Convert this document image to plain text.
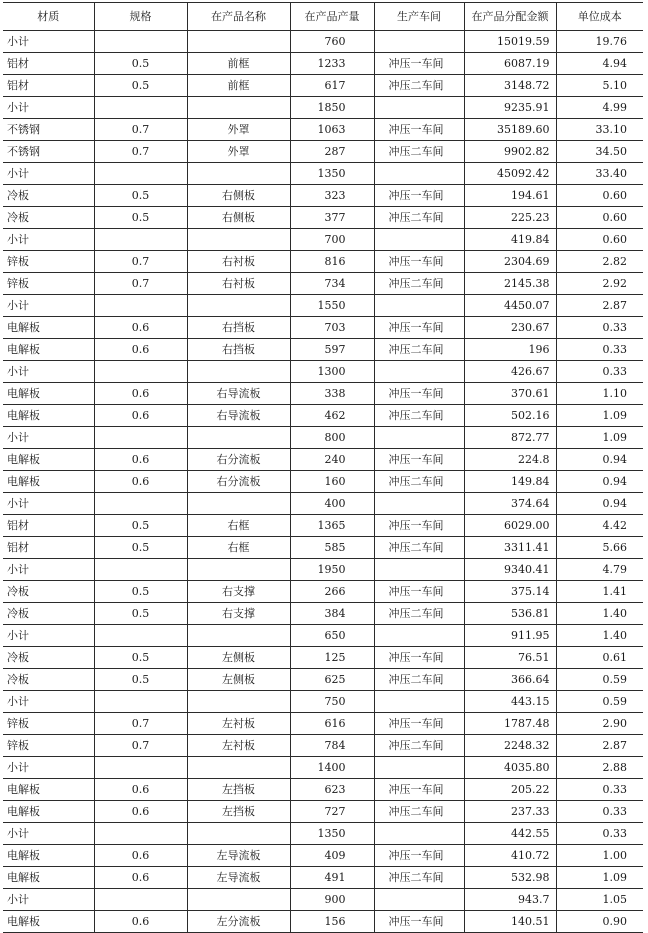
材质	规格	在产品名称	在产品产量	生产车间	在产品分配金额	单位成本
小计			760		15019.59	19.76
铝材	0.5	前框	1233	冲压一车间	6087.19	4.94
铝材	0.5	前框	617	冲压二车间	3148.72	5.10
小计			1850		9235.91	4.99
不锈钢	0.7	外罩	1063	冲压一车间	35189.60	33.10
不锈钢	0.7	外罩	287	冲压二车间	9902.82	34.50
小计			1350		45092.42	33.40
冷板	0.5	右侧板	323	冲压一车间	194.61	0.60
冷板	0.5	右侧板	377	冲压二车间	225.23	0.60
小计			700		419.84	0.60
锌板	0.7	右衬板	816	冲压一车间	2304.69	2.82
锌板	0.7	右衬板	734	冲压二车间	2145.38	2.92
小计			1550		4450.07	2.87
电解板	0.6	右挡板	703	冲压一车间	230.67	0.33
电解板	0.6	右挡板	597	冲压二车间	196	0.33
小计			1300		426.67	0.33
电解板	0.6	右导流板	338	冲压一车间	370.61	1.10
电解板	0.6	右导流板	462	冲压二车间	502.16	1.09
小计			800		872.77	1.09
电解板	0.6	右分流板	240	冲压一车间	224.8	0.94
电解板	0.6	右分流板	160	冲压二车间	149.84	0.94
小计			400		374.64	0.94
铝材	0.5	右框	1365	冲压一车间	6029.00	4.42
铝材	0.5	右框	585	冲压二车间	3311.41	5.66
小计			1950		9340.41	4.79
冷板	0.5	右支撑	266	冲压一车间	375.14	1.41
冷板	0.5	右支撑	384	冲压二车间	536.81	1.40
小计			650		911.95	1.40
冷板	0.5	左侧板	125	冲压一车间	76.51	0.61
冷板	0.5	左侧板	625	冲压二车间	366.64	0.59
小计			750		443.15	0.59
锌板	0.7	左衬板	616	冲压一车间	1787.48	2.90
锌板	0.7	左衬板	784	冲压二车间	2248.32	2.87
小计			1400		4035.80	2.88
电解板	0.6	左挡板	623	冲压一车间	205.22	0.33
电解板	0.6	左挡板	727	冲压二车间	237.33	0.33
小计			1350		442.55	0.33
电解板	0.6	左导流板	409	冲压一车间	410.72	1.00
电解板	0.6	左导流板	491	冲压二车间	532.98	1.09
小计			900		943.7	1.05
电解板	0.6	左分流板	156	冲压一车间	140.51	0.90
